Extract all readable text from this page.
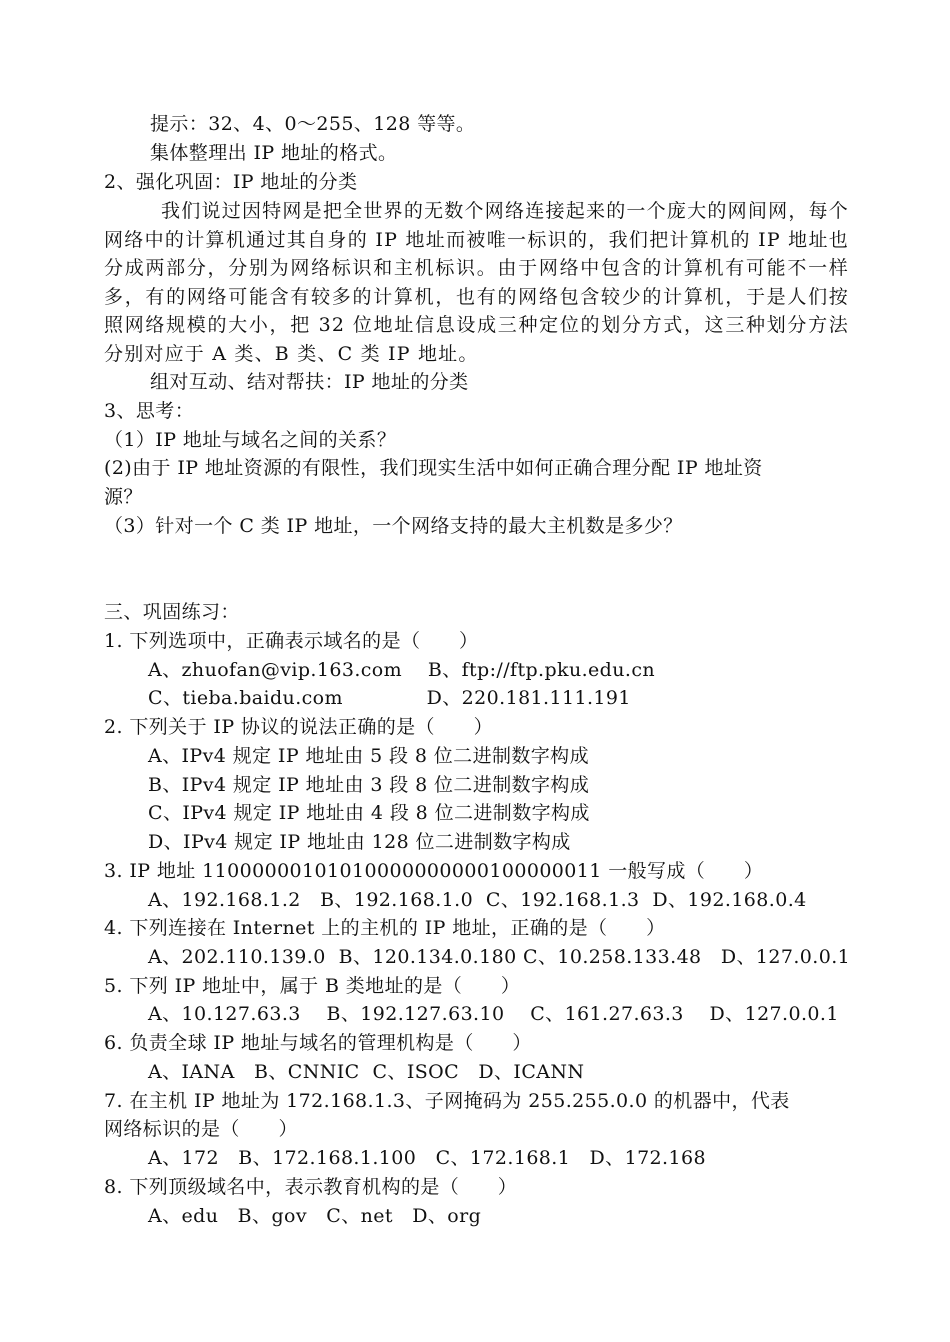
提示：32、4、0～255、128 等等。
集体整理出 IP 地址的格式。
2、强化巩固：IP 地址的分类
我们说过因特网是把全世界的无数个网络连接起来的一个庞大的网间网，每个网络中的计算机通过其自身的 IP 地址而被唯一标识的，我们把计算机的 IP 地址也分成两部分，分别为网络标识和主机标识。由于网络中包含的计算机有可能不一样多，有的网络可能含有较多的计算机，也有的网络包含较少的计算机，于是人们按照网络规模的大小，把 32 位地址信息设成三种定位的划分方式，这三种划分方法分别对应于 A 类、B 类、C 类 IP 地址。
组对互动、结对帮扶：IP 地址的分类
3、思考：
（1）IP 地址与域名之间的关系？
(2)由于 IP 地址资源的有限性，我们现实生活中如何正确合理分配 IP 地址资
源？
（3）针对一个 C 类 IP 地址，一个网络支持的最大主机数是多少？
三、巩固练习：
1. 下列选项中，正确表示域名的是（      ）
A、zhuofan@vip.163.com    B、ftp://ftp.pku.edu.cn
C、tieba.baidu.com             D、220.181.111.191
2. 下列关于 IP 协议的说法正确的是（      ）
A、IPv4 规定 IP 地址由 5 段 8 位二进制数字构成
B、IPv4 规定 IP 地址由 3 段 8 位二进制数字构成
C、IPv4 规定 IP 地址由 4 段 8 位二进制数字构成
D、IPv4 规定 IP 地址由 128 位二进制数字构成
3. IP 地址 11000000101010000000000100000011 一般写成（      ）
A、192.168.1.2   B、192.168.1.0  C、192.168.1.3  D、192.168.0.4
4. 下列连接在 Internet 上的主机的 IP 地址，正确的是（      ）
A、202.110.139.0  B、120.134.0.180 C、10.258.133.48   D、127.0.0.1
5. 下列 IP 地址中，属于 B 类地址的是（      ）
A、10.127.63.3    B、192.127.63.10    C、161.27.63.3    D、127.0.0.1
6. 负责全球 IP 地址与域名的管理机构是（      ）
A、IANA   B、CNNIC  C、ISOC   D、ICANN
7. 在主机 IP 地址为 172.168.1.3、子网掩码为 255.255.0.0 的机器中，代表
网络标识的是（      ）
A、172   B、172.168.1.100   C、172.168.1   D、172.168
8. 下列顶级域名中，表示教育机构的是（      ）
A、edu   B、gov   C、net   D、org
